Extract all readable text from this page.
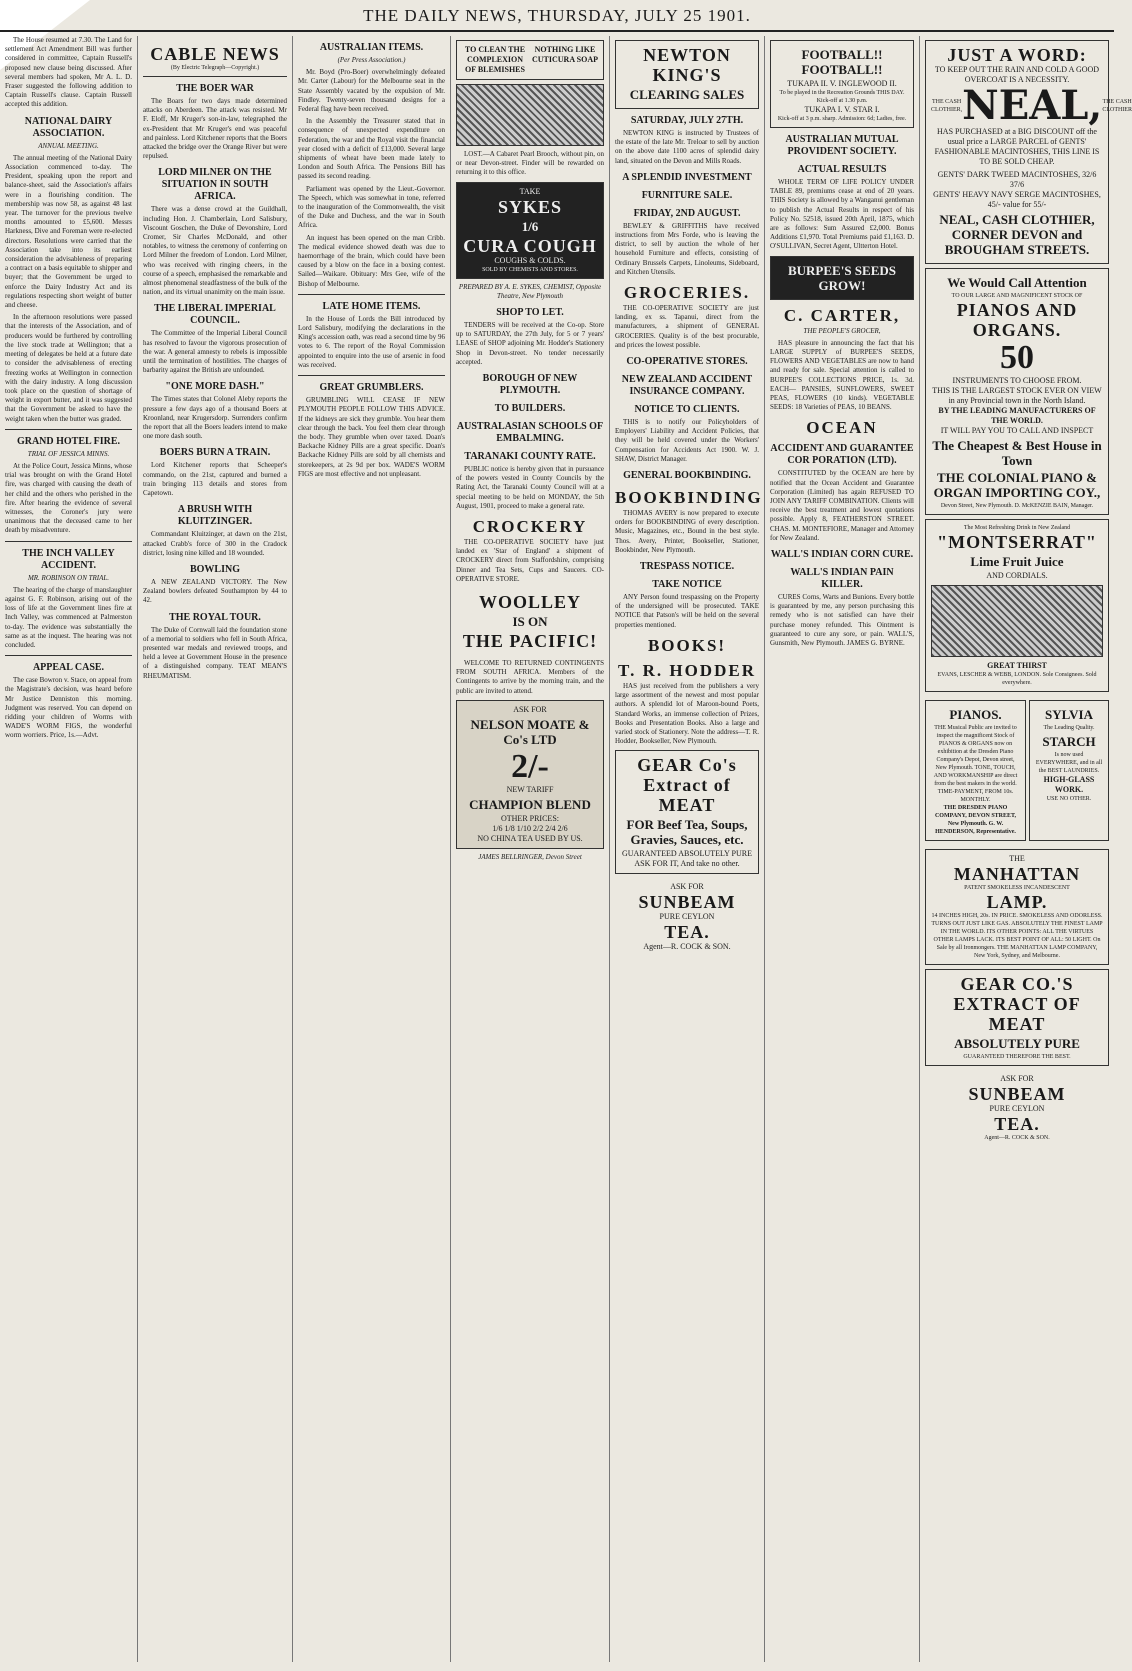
THE DAILY NEWS, THURSDAY, JULY 25 1901.

The House resumed at 7.30. The Land for settlement Act Amendment Bill was further considered in committee, Captain Russell's proposed new clause being discussed. After several members had spoken, Mr A. L. D. Fraser suggested the following addition to Captain Russell's clause. Captain Russell accepted this addition.

NATIONAL DAIRY ASSOCIATION.
ANNUAL MEETING.

The annual meeting of the National Dairy Association commenced to-day. The President, speaking upon the report and balance-sheet, said the Association's affairs were in a flourishing condition. The membership was now 58, as against 48 last year. The turnover for the previous twelve months amounted to £5,600. Messrs Harkness, Dive and Foreman were re-elected directors. Resolutions were carried that the Association take into its earliest consideration the advisableness of preparing a contract on a basis equitable to shipper and buyer; that the Government be urged to enforce the Dairy Industry Act and its regulations respecting short weight of butter and cheese.

In the afternoon resolutions were passed that the interests of the Association, and of producers would be furthered by controlling the live stock trade at Wellington; that a meeting of delegates be held at a future date to consider the advisableness of erecting freezing works at Wellington in connection with the dairy industry. A long discussion took place on the question of shortage of weight in export butter, and it was suggested that the Government be asked to have the weight taken when the butter was graded.

GRAND HOTEL FIRE.
TRIAL OF JESSICA MINNS.

At the Police Court, Jessica Minns, whose trial was brought on with the Grand Hotel fire, was charged with causing the death of her child and the others who perished in the fire. After hearing the evidence of several witnesses, the Coroner's jury were unanimous that the deceased came to her death by misadventure.

THE INCH VALLEY ACCIDENT.
MR. ROBINSON ON TRIAL.

The hearing of the charge of manslaughter against G. F. Robinson, arising out of the loss of life at the Government lines fire at Inch Valley, was commenced at Palmerston to-day. The evidence was substantially the same as at the inquest. The hearing was not concluded.

APPEAL CASE.

The case Bowron v. Stace, on appeal from the Magistrate's decision, was heard before Mr Justice Denniston this morning. Judgment was reserved. You can depend on ridding your children of Worms with WADE'S WORM FIGS, the wonderful worm worriers. Price, 1s.—Advt.

CABLE NEWS
(By Electric Telegraph—Copyright.)
THE BOER WAR

The Boars for two days made determined attacks on Aberdeen. The attack was resisted. Mr F. Eloff, Mr Kruger's son-in-law, telegraphed the ex-President that Mr Kruger's end was peaceful and painless. Lord Kitchener reports that the Boers attacked the bridge over the Orange River but were repulsed.

LORD MILNER ON THE SITUATION IN SOUTH AFRICA.

There was a dense crowd at the Guildhall, including Hon. J. Chamberlain, Lord Salisbury, Viscount Goschen, the Duke of Devonshire, Lord Cromer, Sir Charles McDonald, and other notables, to witness the ceremony of conferring on Lord Milner the freedom of London. Lord Milner, who was received with ringing cheers, in the course of a speech, emphasised the remarkable and almost phenomenal steadfastness of the bulk of the nation, and its virtual unanimity on the main issue.

THE LIBERAL IMPERIAL COUNCIL.

The Committee of the Imperial Liberal Council has resolved to favour the vigorous prosecution of the war. A general amnesty to rebels is impossible until the termination of hostilities. The charges of barbarity against the British are unfounded.

"ONE MORE DASH."

The Times states that Colonel Aleby reports the pressure a few days ago of a thousand Boers at Kroonland, near Krugersdorp. Surrenders confirm the report that all the Boers leaders intend to make one more dash south.

BOERS BURN A TRAIN.

Lord Kitchener reports that Scheeper's commando, on the 21st, captured and burned a train bringing 113 details and stores from Capetown.

A BRUSH WITH KLUITZINGER.

Commandant Kluitzinger, at dawn on the 21st, attacked Crabb's force of 300 in the Cradock district, losing nine killed and 18 wounded.

BOWLING

A NEW ZEALAND VICTORY. The New Zealand bowlers defeated Southampton by 44 to 42.

THE ROYAL TOUR.

The Duke of Cornwall laid the foundation stone of a memorial to soldiers who fell in South Africa, presented war medals and reviewed troops, and held a levee at Government House in the presence of a distinguished company. TEAT MEAN'S RHEUMATISM.

AUSTRALIAN ITEMS.
(Per Press Association.)

Mr. Boyd (Pro-Boer) overwhelmingly defeated Mr. Carter (Labour) for the Melbourne seat in the State Assembly vacated by the expulsion of Mr. Findley. Twenty-seven thousand designs for a Federal flag have been received.

In the Assembly the Treasurer stated that in consequence of unexpected expenditure on Federation, the war and the Royal visit the financial year closed with a deficit of £13,000. Several large shipments of wheat have been made lately to London and South Africa. The Pensions Bill has passed its second reading.

Parliament was opened by the Lieut.-Governor. The Speech, which was somewhat in tone, referred to the inauguration of the Commonwealth, the visit of the Duke and Duchess, and the war in South Africa.

An inquest has been opened on the man Cribb. The medical evidence showed death was due to haemorrhage of the brain, which could have been caused by a blow on the face in a boxing contest. Sailed—Waikare. Obituary: Mrs Gee, wife of the Bishop of Melbourne.

LATE HOME ITEMS.

In the House of Lords the Bill introduced by Lord Salisbury, modifying the declarations in the King's accession oath, was read a second time by 96 votes to 6. The report of the Royal Commission appointed to enquire into the use of arsenic in food was received.

GREAT GRUMBLERS.

GRUMBLING WILL CEASE IF NEW PLYMOUTH PEOPLE FOLLOW THIS ADVICE. If the kidneys are sick they grumble. You hear them clear through the back. You feel them clear through the body. They grumble when over taxed. Doan's Backache Kidney Pills are a great specific. Doan's Backache Kidney Pills are sold by all chemists and storekeepers, at 2s 9d per box. WADE'S WORM FIGS are most effective and not unpleasant.

TO CLEAN THE COMPLEXION OF BLEMISHES
NOTHING LIKE CUTICURA SOAP

LOST.—A Cabaret Pearl Brooch, without pin, on or near Devon-street. Finder will be rewarded on returning it to this office.

TAKE
SYKES
1/6
CURA COUGH
COUGHS & COLDS.
SOLD BY CHEMISTS AND STORES.
PREPARED BY A. E. SYKES, CHEMIST, Opposite Theatre, New Plymouth
SHOP TO LET.

TENDERS will be received at the Co-op. Store up to SATURDAY, the 27th July, for 5 or 7 years' LEASE of SHOP adjoining Mr. Hodder's Stationery Shop in Devon-street. No tender necessarily accepted.

BOROUGH OF NEW PLYMOUTH.
TO BUILDERS.
AUSTRALASIAN SCHOOLS OF EMBALMING.
TARANAKI COUNTY RATE.

PUBLIC notice is hereby given that in pursuance of the powers vested in County Councils by the Rating Act, the Taranaki County Council will at a special meeting to be held on MONDAY, the 5th August, 1901, proceed to make a general rate.

CROCKERY

THE CO-OPERATIVE SOCIETY have just landed ex 'Star of England' a shipment of CROCKERY direct from Staffordshire, comprising Dinner and Tea Sets, Cups and Saucers. CO-OPERATIVE STORE.

WOOLLEY
IS ON
THE PACIFIC!

WELCOME TO RETURNED CONTINGENTS FROM SOUTH AFRICA. Members of the Contingents to arrive by the morning train, and the public are invited to attend.

ASK FOR
NELSON MOATE & Co's LTD
2/-
NEW TARIFF
CHAMPION BLEND
OTHER PRICES:
1/6 1/8 1/10 2/2 2/4 2/6
NO CHINA TEA USED BY US.
JAMES BELLRINGER, Devon Street
NEWTON KING'S
CLEARING SALES
SATURDAY, JULY 27TH.

NEWTON KING is instructed by Trustees of the estate of the late Mr. Treloar to sell by auction on the above date 1100 acres of splendid dairy land, situated on the Devon and Mills Roads.

A SPLENDID INVESTMENT
FURNITURE SALE.
FRIDAY, 2ND AUGUST.

BEWLEY & GRIFFITHS have received instructions from Mrs Forde, who is leaving the district, to sell by auction the whole of her household Furniture and effects, consisting of Ordinary Brussels Carpets, Linoleums, Sideboard, and Kitchen Utensils.

GROCERIES.

THE CO-OPERATIVE SOCIETY are just landing, ex ss. Tapanui, direct from the manufacturers, a shipment of GENERAL GROCERIES. Quality is of the best procurable, and prices the lowest possible.

CO-OPERATIVE STORES.
NEW ZEALAND ACCIDENT INSURANCE COMPANY.
NOTICE TO CLIENTS.

THIS is to notify our Policyholders of Employers' Liability and Accident Policies, that they will be held covered under the Workers' Compensation for Accidents Act 1900. W. J. SHAW, District Manager.

GENERAL BOOKBINDING.
BOOKBINDING

THOMAS AVERY is now prepared to execute orders for BOOKBINDING of every description. Music, Magazines, etc., Bound in the best style. Thos. Avery, Printer, Bookseller, Stationer, Bookbinder, New Plymouth.

TRESPASS NOTICE.
TAKE NOTICE

ANY Person found trespassing on the Property of the undersigned will be prosecuted. TAKE NOTICE that Patson's will be held on the several properties mentioned.

BOOKS!
T. R. HODDER

HAS just received from the publishers a very large assortment of the newest and most popular authors. A splendid lot of Maroon-bound Poets, Standard Works, an immense collection of Prizes, Books and Presentation Books. Also a large and varied stock of Stationery. Note the address—T. R. Hodder, Bookseller, New Plymouth.

GEAR Co's
Extract of MEAT
FOR Beef Tea, Soups, Gravies, Sauces, etc.
GUARANTEED ABSOLUTELY PURE
ASK FOR IT, And take no other.
ASK FOR
SUNBEAM
PURE CEYLON
TEA.
Agent—R. COCK & SON.
FOOTBALL!! FOOTBALL!!
TUKAPA II. V. INGLEWOOD II.
To be played in the Recreation Grounds THIS DAY. Kick-off at 1.30 p.m.
TUKAPA I. V. STAR I.
Kick-off at 3 p.m. sharp. Admission: 6d; Ladies, free.
AUSTRALIAN MUTUAL PROVIDENT SOCIETY.
ACTUAL RESULTS

WHOLE TERM OF LIFE POLICY UNDER TABLE 89, premiums cease at end of 20 years. THIS Society is allowed by a Wanganui gentleman to publish the Actual Results in respect of his Policy No. 52518, issued 20th April, 1875, which are as follows: Sum Assured £2,000. Bonus Additions £1,970. Total Premiums paid £1,163. D. O'SULLIVAN, Secret Agent, Ultterton Hotel.

BURPEE'S SEEDS GROW!
C. CARTER,
THE PEOPLE'S GROCER,

HAS pleasure in announcing the fact that his LARGE SUPPLY of BURPEE'S SEEDS, FLOWERS AND VEGETABLES are now to hand and ready for sale. Special attention is called to BURPEE'S COLLECTIONS PRICE, 1s. 3d. EACH— PANSIES, SUNFLOWERS, SWEET PEAS, FLOWERS (10 kinds). VEGETABLE SEEDS: 18 Varieties of PEAS, 10 BEANS.

OCEAN
ACCIDENT AND GUARANTEE COR PORATION (LTD).

CONSTITUTED by the OCEAN are here by notified that the Ocean Accident and Guarantee Corporation (Limited) has again REFUSED TO JOIN ANY TARIFF COMBINATION. Clients will receive the best treatment and lowest quotations possible. Apply 8, FEATHERSTON STREET. CHAS. M. MONTEFIORE, Manager and Attorney for New Zealand.

WALL'S INDIAN CORN CURE.
WALL'S INDIAN PAIN KILLER.

CURES Corns, Warts and Bunions. Every bottle is guaranteed by me, any person purchasing this remedy who is not satisfied can have their purchase money refunded. This Ointment is guaranteed to cure any sore, or pain. WALL'S, Gunsmith, New Plymouth. JAMES G. BYRNE.

JUST A WORD:
TO KEEP OUT THE RAIN AND COLD A GOOD OVERCOAT IS A NECESSITY.
THE CASH CLOTHIER, NEAL, THE CASH CLOTHIER
HAS PURCHASED at a BIG DISCOUNT off the usual price a LARGE PARCEL of GENTS' FASHIONABLE MACINTOSHES, THIS LINE IS TO BE SOLD CHEAP.
GENTS' DARK TWEED MACINTOSHES, 32/6 37/6
GENTS' HEAVY NAVY SERGE MACINTOSHES, 45/- value for 55/-
NEAL, CASH CLOTHIER, CORNER DEVON and BROUGHAM STREETS.
We Would Call Attention
TO OUR LARGE AND MAGNIFICENT STOCK OF
PIANOS AND ORGANS.
50
INSTRUMENTS TO CHOOSE FROM.
THIS IS THE LARGEST STOCK EVER ON VIEW in any Provincial town in the North Island.
BY THE LEADING MANUFACTURERS OF THE WORLD.
IT WILL PAY YOU TO CALL AND INSPECT
The Cheapest & Best House in Town
THE COLONIAL PIANO & ORGAN IMPORTING COY.,
Devon Street, New Plymouth. D. McKENZIE BAIN, Manager.
The Most Refreshing Drink in New Zealand
"MONTSERRAT"
Lime Fruit Juice
AND CORDIALS.
GREAT THIRST
EVANS, LESCHER & WEBB, LONDON. Sole Consignees. Sold everywhere.
PIANOS.
THE Musical Public are invited to inspect the magnificent Stock of PIANOS & ORGANS now on exhibition at the Dresden Piano Company's Depot, Devon street, New Plymouth. TONE, TOUCH, AND WORKMANSHIP are direct from the best makers in the world. TIME-PAYMENT, FROM 10s. MONTHLY.
THE DRESDEN PIANO COMPANY, DEVON STREET, New Plymouth. G. W. HENDERSON, Representative.
SYLVIA
The Leading Quality.
STARCH
Is now used EVERYWHERE, and in all the BEST LAUNDRIES.
HIGH-GLASS WORK.
USE NO OTHER.
THE
MANHATTAN
PATENT SMOKELESS INCANDESCENT
LAMP.
14 INCHES HIGH, 20s. IN PRICE. SMOKELESS AND ODORLESS. TURNS OUT JUST LIKE GAS. ABSOLUTELY THE FINEST LAMP IN THE WORLD. ITS OTHER POINTS: ALL THE VIRTUES OTHER LAMPS LACK. ITS BEST POINT OF ALL: 50 LIGHT. On Sale by all Ironmongers. THE MANHATTAN LAMP COMPANY, New York, Sydney, and Melbourne.
GEAR CO.'S
EXTRACT OF MEAT
ABSOLUTELY PURE
GUARANTEED THEREFORE THE BEST.
ASK FOR
SUNBEAM
PURE CEYLON
TEA.
Agent—R. COCK & SON.
